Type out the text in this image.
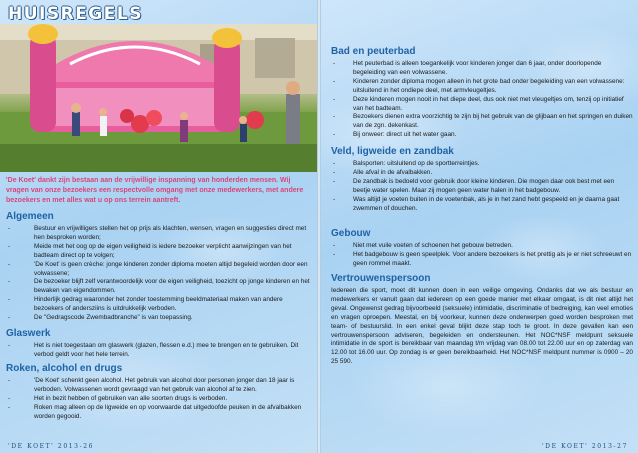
HUISREGELS
'De Koet' dankt zijn bestaan aan de vrijwillige inspanning van honderden mensen. Wij vragen van onze bezoekers een respectvolle omgang met onze medewerkers, met andere bezoekers en met alles wat u op ons terrein aantreft.
Algemeen
- Bestuur en vrijwilligers stellen het op prijs als klachten, wensen, vragen en suggesties direct met hen besproken worden;
- Meide met het oog op de eigen veiligheid is iedere bezoeker verplicht aanwijzingen van het badteam direct op te volgen;
- 'De Koet' is geen crèche: jonge kinderen zonder diploma moeten altijd begeleid worden door een volwassene;
- De bezoeker blijft zelf verantwoordelijk voor de eigen veiligheid, toezicht op jonge kinderen en het bewaken van eigendommen.
- Hinderlijk gedrag waaronder het zonder toestemming beeldmateriaal maken van andere bezoekers of andersziins is uitdrukkelijk verboden.
- De "Gedragscode Zwembadbranche" is van toepassing.
Glaswerk
- Het is niet toegestaan om glaswerk (glazen, flessen e.d.) mee te brengen en te gebruiken. Dit verbod geldt voor het hele terrein.
Roken, alcohol en drugs
- 'De Koet' schenkt geen alcohol. Het gebruik van alcohol door personen jonger dan 18 jaar is verboden. Volwassenen wordt gevraagd van het gebruik van alcohol af te zien.
- Het in bezit hebben of gebruiken van alle soorten drugs is verboden.
- Roken mag alleen op de ligweide en op voorwaarde dat uitgedoofde peuken in de afvalbakken worden gegooid.
'DE KOET' 2013-26
Bad en peuterbad
- Het peuterbad is alleen toegankelijk voor kinderen jonger dan 6 jaar, onder doorlopende begeleiding van een volwassene.
- Kinderen zonder diploma mogen alleen in het grote bad onder begeleiding van een volwassene: uitsluitend in het ondiepe deel, met armvleugeltjes.
- Deze kinderen mogen nooit in het diepe deel, dus ook niet met vleugeltjes om, tenzij op initiatief van het badteam.
- Bezoekers dienen extra voorzichtig te zijn bij het gebruik van de glijbaan en het springen en duiken van de zgn. dekenkast.
- Bij onweer: direct uit het water gaan.
Veld, ligweide en zandbak
- Balsporten: uitsluitend op de sportterreintjes.
- Alle afval in de afvalbakken.
- De zandbak is bedoeld voor gebruik door kleine kinderen. Die mogen daar ook best met een beetje water spelen. Maar zij mogen geen water halen in het badgebouw.
- Was altijd je voeten buiten in de voetenbak, als je in het zand hebt gespeeld en je daarna gaat zwemmen of douchen.
Gebouw
- Niet met vuile voeten of schoenen het gebouw betreden.
- Het badgebouw is geen speelplek. Voor andere bezoekers is het prettig als je er niet schreeuwt en geen rommel maakt.
Vertrouwenspersoon

Iedereen die sport, moet dit kunnen doen in een veilige omgeving. Ondanks dat we als bestuur en medewerkers er vanuit gaan dat iedereen op een goede manier met elkaar omgaat, is dit niet altijd het geval. Ongewenst gedrag bijvoorbeeld (seksuele) intimidatie, discriminatie of bedreiging, kan veel emoties en vragen oproepen. Meestal, en bij voorkeur, kunnen deze onderwerpen goed worden besproken met team- of bestuurslid. In een enkel geval blijkt deze stap toch te groot. In deze gevallen kan een vertrouwenspersoon adviseren, begeleiden en ondersteunen. Het NOC*NSF meldpunt seksuele intimidatie in de sport is bereikbaar van maandag t/m vrijdag van 08.00 tot 22.00 uur en op zaterdag van 12.00 tot 16.00 uur. Op zondag is er geen bereikbaarheid. Het NOC*NSF meldpunt nummer is 0900 – 20 25 590.

'DE KOET' 2013-27
